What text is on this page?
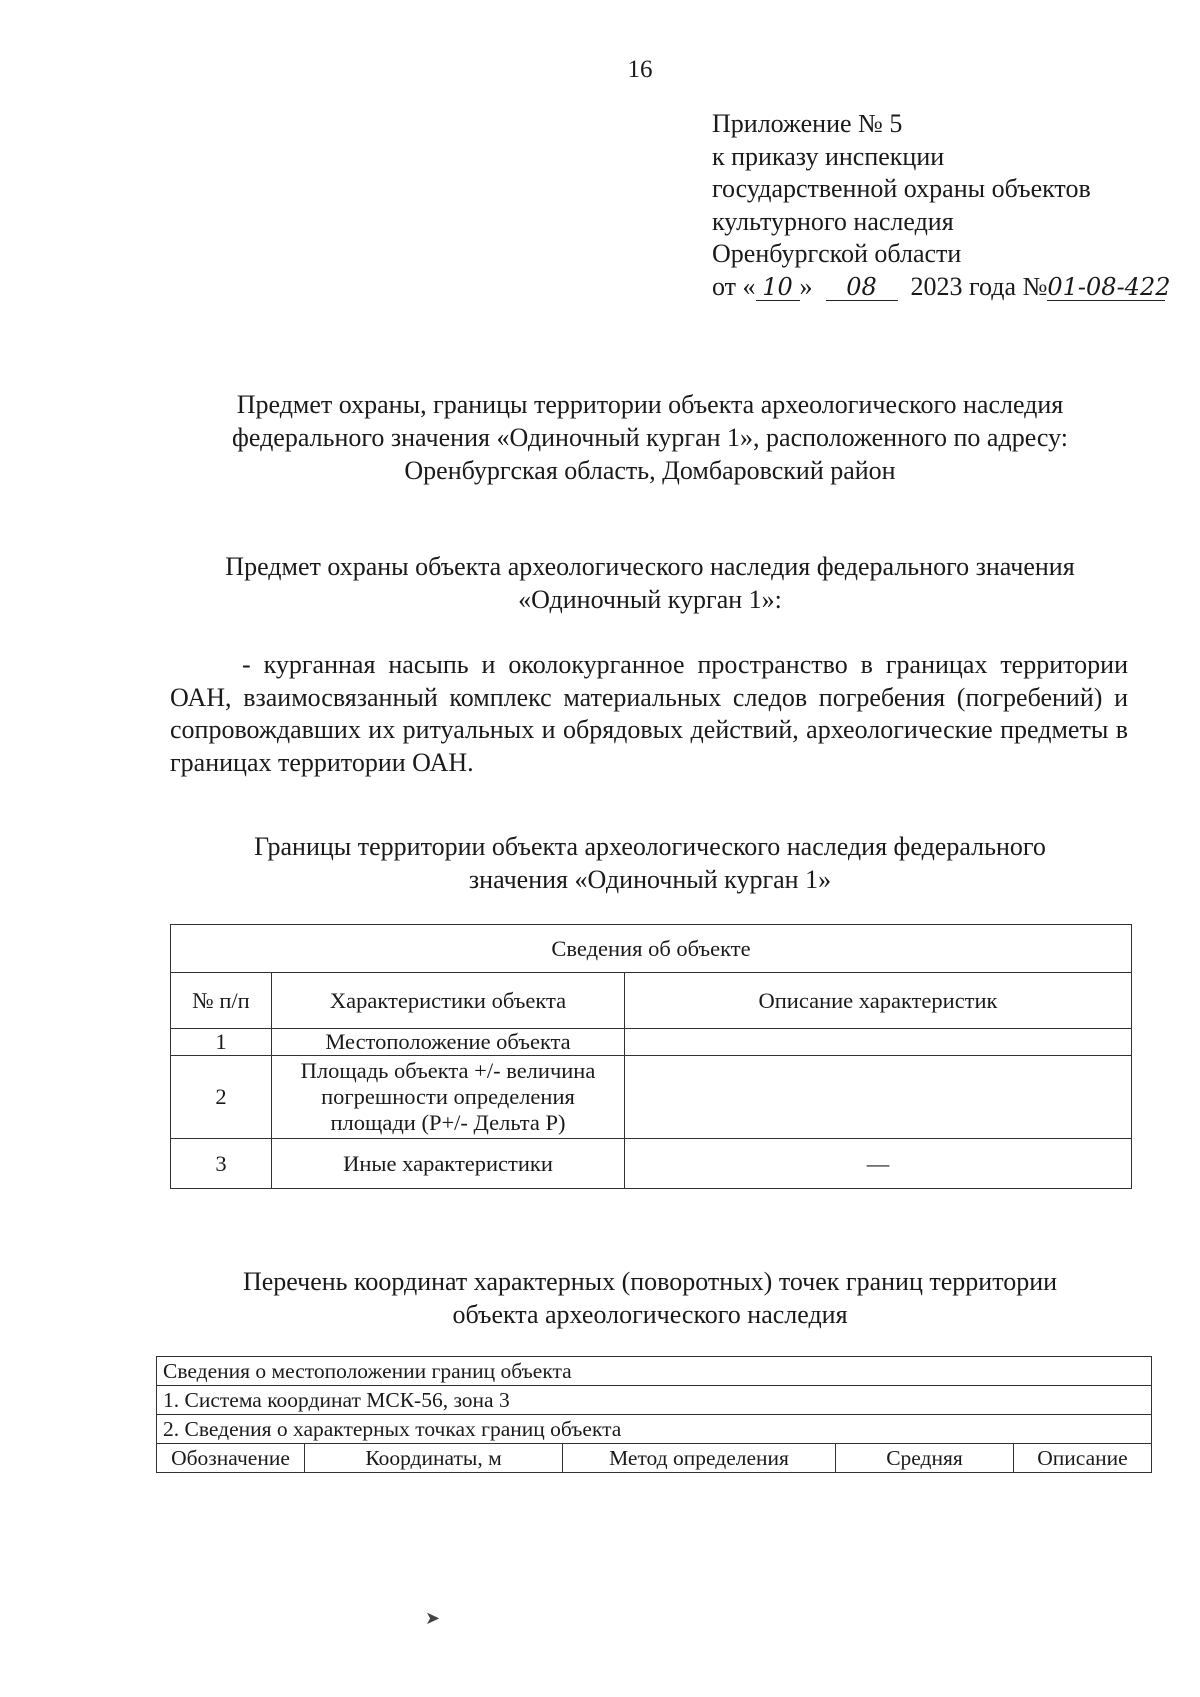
16
Приложение № 5
к приказу инспекции
государственной охраны объектов
культурного наследия
Оренбургской области
от « 10 » 08 2023 года №01-08-422
Предмет охраны, границы территории объекта археологического наследия
федерального значения «Одиночный курган 1», расположенного по адресу:
Оренбургская область, Домбаровский район
Предмет охраны объекта археологического наследия федерального значения
«Одиночный курган 1»:
- курганная насыпь и околокурганное пространство в границах территории ОАН, взаимосвязанный комплекс материальных следов погребения (погребений) и сопровождавших их ритуальных и обрядовых действий, археологические предметы в границах территории ОАН.
Границы территории объекта археологического наследия федерального
значения «Одиночный курган 1»
Сведения об объекте		
№ п/п	Характеристики объекта	Описание характеристик
1	Местоположение объекта	
2	Площадь объекта +/- величина погрешности определения площади (Р+/- Дельта Р)	
3	Иные характеристики	—
Перечень координат характерных (поворотных) точек границ территории
объекта археологического наследия
Сведения о местоположении границ объекта
1. Система координат МСК-56, зона 3
2. Сведения о характерных точках границ объекта
Обозначение	Координаты, м	Метод определения	Средняя	Описание
➤
